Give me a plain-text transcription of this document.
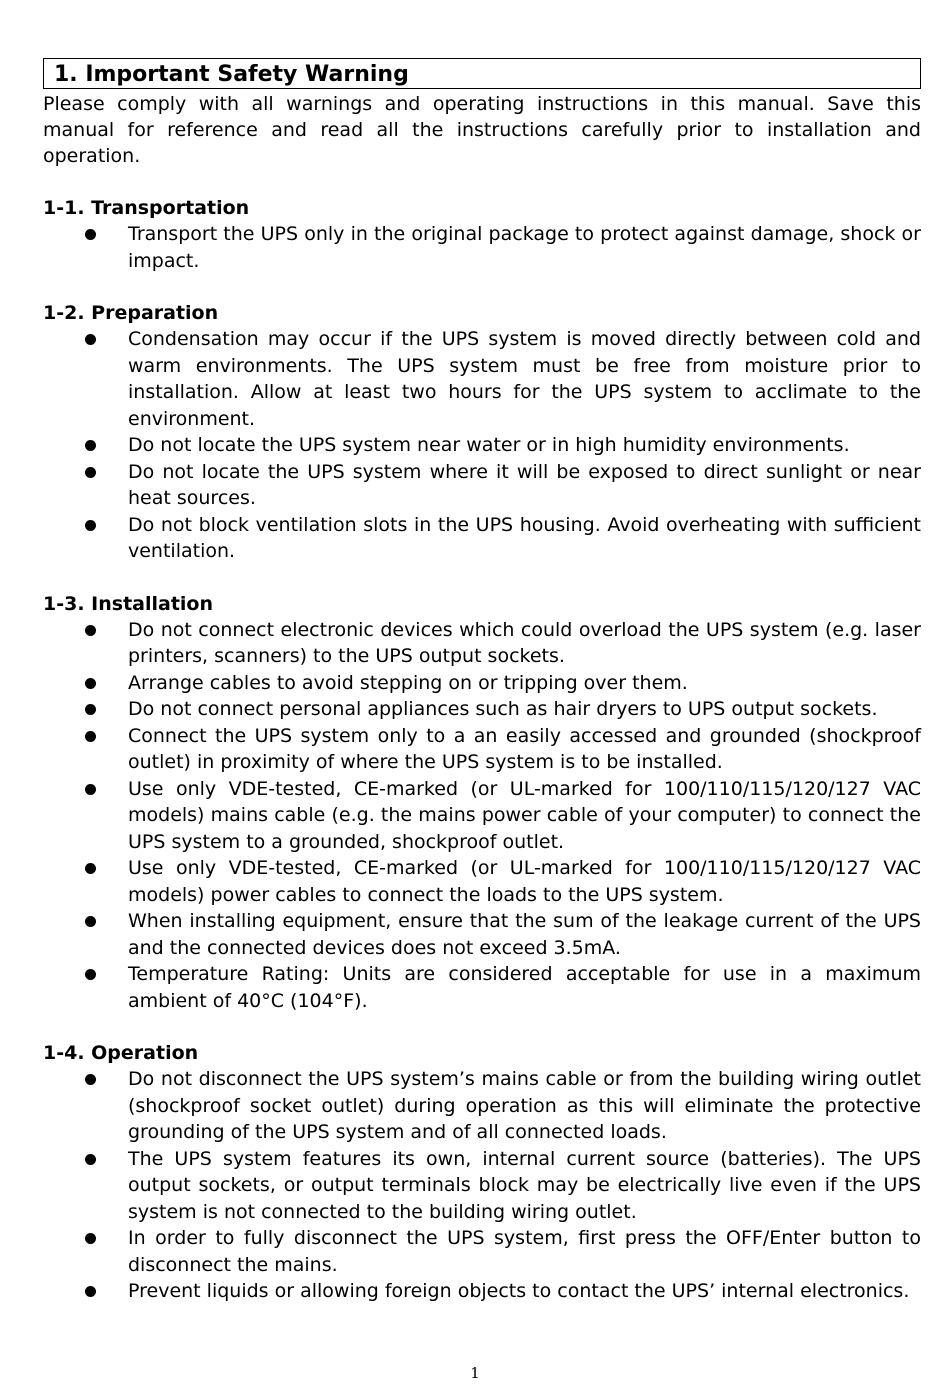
1. Important Safety Warning

Please comply with all warnings and operating instructions in this manual. Save this manual for reference and read all the instructions carefully prior to installation and operation.

1-1. Transportation

Transport the UPS only in the original package to protect against damage, shock or impact.

1-2. Preparation

Condensation may occur if the UPS system is moved directly between cold and warm environments. The UPS system must be free from moisture prior to installation. Allow at least two hours for the UPS system to acclimate to the environment.
Do not locate the UPS system near water or in high humidity environments.
Do not locate the UPS system where it will be exposed to direct sunlight or near heat sources.
Do not block ventilation slots in the UPS housing. Avoid overheating with sufficient ventilation.

1-3. Installation

Do not connect electronic devices which could overload the UPS system (e.g. laser printers, scanners) to the UPS output sockets.
Arrange cables to avoid stepping on or tripping over them.
Do not connect personal appliances such as hair dryers to UPS output sockets.
Connect the UPS system only to a an easily accessed and grounded (shockproof outlet) in proximity of where the UPS system is to be installed.
Use only VDE-tested, CE-marked (or UL-marked for 100/110/115/120/127 VAC models) mains cable (e.g. the mains power cable of your computer) to connect the UPS system to a grounded, shockproof outlet.
Use only VDE-tested, CE-marked (or UL-marked for 100/110/115/120/127 VAC models) power cables to connect the loads to the UPS system.
When installing equipment, ensure that the sum of the leakage current of the UPS and the connected devices does not exceed 3.5mA.
Temperature Rating: Units are considered acceptable for use in a maximum ambient of 40°C (104°F).

1-4. Operation

Do not disconnect the UPS system’s mains cable or from the building wiring outlet (shockproof socket outlet) during operation as this will eliminate the protective grounding of the UPS system and of all connected loads.
The UPS system features its own, internal current source (batteries). The UPS output sockets, or output terminals block may be electrically live even if the UPS system is not connected to the building wiring outlet.
In order to fully disconnect the UPS system, first press the OFF/Enter button to disconnect the mains.
Prevent liquids or allowing foreign objects to contact the UPS’ internal electronics.
1
